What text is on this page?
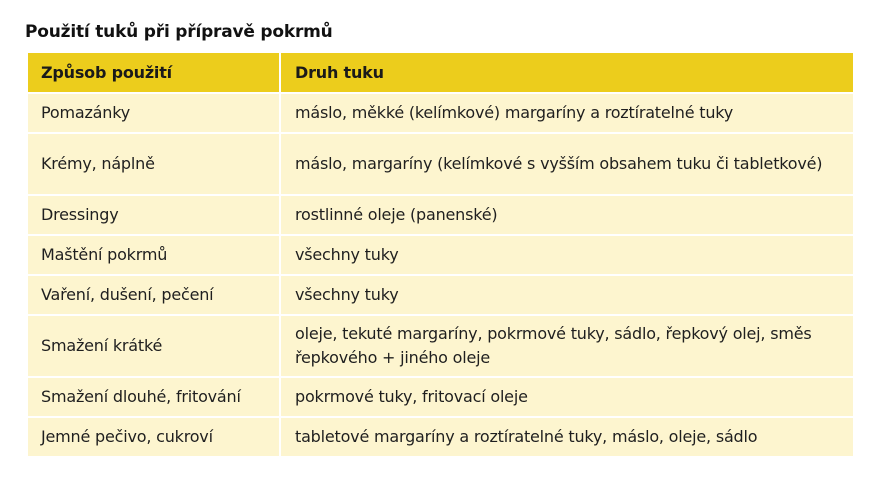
Použití tuků při přípravě pokrmů
Způsob použití	Druh tuku
Pomazánky	máslo, měkké (kelímkové) margaríny a roztíratelné tuky
Krémy, náplně	máslo, margaríny (kelímkové s vyšším obsahem tuku či tabletkové)
Dressingy	rostlinné oleje (panenské)
Maštění pokrmů	všechny tuky
Vaření, dušení, pečení	všechny tuky
Smažení krátké	oleje, tekuté margaríny, pokrmové tuky, sádlo, řepkový olej, směs řepkového + jiného oleje
Smažení dlouhé, fritování	pokrmové tuky, fritovací oleje
Jemné pečivo, cukroví	tabletové margaríny a roztíratelné tuky, máslo, oleje, sádlo
